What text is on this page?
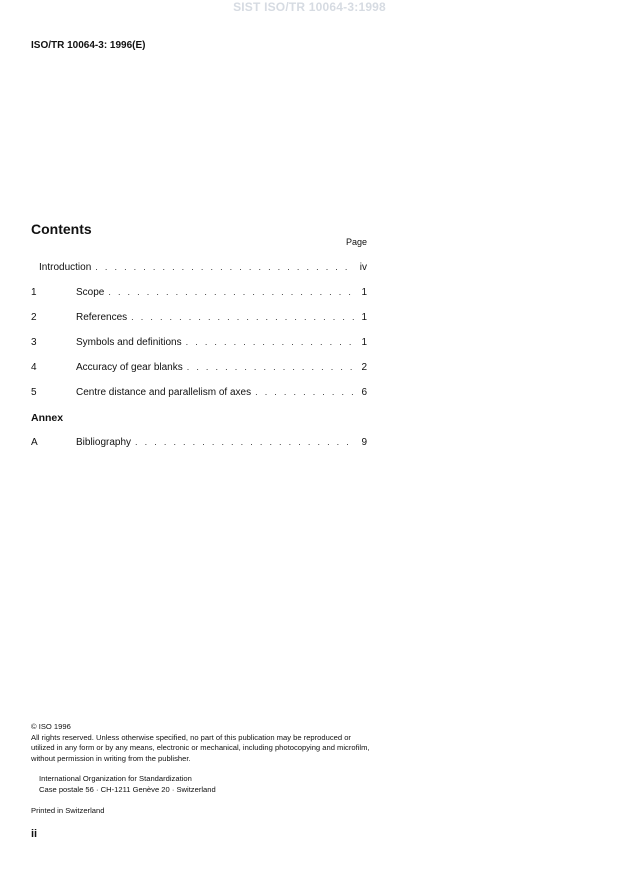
SIST ISO/TR 10064-3:1998
ISO/TR 10064-3: 1996(E)
Contents
Page
Introduction . . .	iv
1	Scope . . .	1
2	References . . .	1
3	Symbols and definitions . . .	1
4	Accuracy of gear blanks . . .	2
5	Centre distance and parallelism of axes . . .	6
Annex
A	Bibliography . . .	9

© ISO 1996

All rights reserved. Unless otherwise specified, no part of this publication may be reproduced or utilized in any form or by any means, electronic or mechanical, including photocopying and microfilm, without permission in writing from the publisher.

International Organization for Standardization
Case postale 56 · CH-1211 Genève 20 · Switzerland
Printed in Switzerland
ii
